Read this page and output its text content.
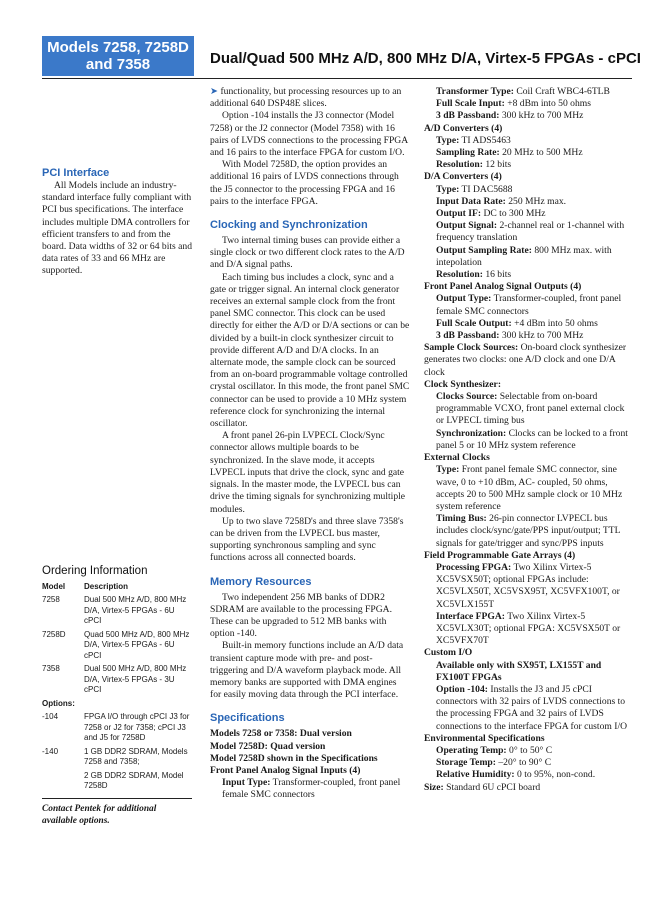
Models 7258, 7258D and 7358	Dual/Quad 500 MHz A/D, 800 MHz D/A, Virtex-5 FPGAs - cPCI
PCI Interface

All Models include an industry-standard interface fully compliant with PCI bus specifications. The interface includes multiple DMA controllers for efficient transfers to and from the board. Data widths of 32 or 64 bits and data rates of 33 and 66 MHz are supported.

Ordering Information
Model	Description
7258	Dual 500 MHz A/D, 800 MHz D/A, Virtex-5 FPGAs - 6U cPCI
7258D	Quad 500 MHz A/D, 800 MHz D/A, Virtex-5 FPGAs - 6U cPCI
7358	Dual 500 MHz A/D, 800 MHz D/A, Virtex-5 FPGAs - 3U cPCI
Options:
-104	FPGA I/O through cPCI J3 for 7258 or J2 for 7358; cPCI J3 and J5 for 7258D
-140	1 GB DDR2 SDRAM, Models 7258 and 7358;
2 GB DDR2 SDRAM, Model 7258D

Contact Pentek for additional available options.

➤ functionality, but processing resources up to an additional 640 DSP48E slices.

Option -104 installs the J3 connector (Model 7258) or the J2 connector (Model 7358) with 16 pairs of LVDS connections to the processing FPGA and 16 pairs to the interface FPGA for custom I/O.

With Model 7258D, the option provides an additional 16 pairs of LVDS connections through the J5 connector to the processing FPGA and 16 pairs to the interface FPGA.

Clocking and Synchronization

Two internal timing buses can provide either a single clock or two different clock rates to the A/D and D/A signal paths.

Each timing bus includes a clock, sync and a gate or trigger signal. An internal clock generator receives an external sample clock from the front panel SMC connector. This clock can be used directly for either the A/D or D/A sections or can be divided by a built-in clock synthesizer circuit to provide different A/D and D/A clocks. In an alternate mode, the sample clock can be sourced from an on-board programmable voltage controlled crystal oscillator. In this mode, the front panel SMC connector can be used to provide a 10 MHz system reference clock for synchronizing the internal oscillator.

A front panel 26-pin LVPECL Clock/Sync connector allows multiple boards to be synchronized. In the slave mode, it accepts LVPECL inputs that drive the clock, sync and gate signals. In the master mode, the LVPECL bus can drive the timing signals for synchronizing multiple modules.

Up to two slave 7258D's and three slave 7358's can be driven from the LVPECL bus master, supporting synchronous sampling and sync functions across all connected boards.

Memory Resources

Two independent 256 MB banks of DDR2 SDRAM are available to the processing FPGA. These can be upgraded to 512 MB banks with option -140.

Built-in memory functions include an A/D data transient capture mode with pre- and post-triggering and D/A waveform playback mode. All memory banks are supported with DMA engines for easily moving data through the PCI interface.

Specifications

Models 7258 or 7358: Dual version

Model 7258D: Quad version

Model 7258D shown in the Specifications

Front Panel Analog Signal Inputs (4)

Input Type: Transformer-coupled, front panel female SMC connectors

Transformer Type: Coil Craft WBC4-6TLB

Full Scale Input: +8 dBm into 50 ohms

3 dB Passband: 300 kHz to 700 MHz

A/D Converters (4)

Type: TI ADS5463

Sampling Rate: 20 MHz to 500 MHz

Resolution: 12 bits

D/A Converters (4)

Type: TI DAC5688

Input Data Rate: 250 MHz max.

Output IF: DC to 300 MHz

Output Signal: 2-channel real or 1-channel with frequency translation

Output Sampling Rate: 800 MHz max. with intepolation

Resolution: 16 bits

Front Panel Analog Signal Outputs (4)

Output Type: Transformer-coupled, front panel female SMC connectors

Full Scale Output: +4 dBm into 50 ohms

3 dB Passband: 300 kHz to 700 MHz

Sample Clock Sources: On-board clock synthesizer generates two clocks: one A/D clock and one D/A clock

Clock Synthesizer:

Clocks Source: Selectable from on-board programmable VCXO, front panel external clock or LVPECL timing bus

Synchronization: Clocks can be locked to a front panel 5 or 10 MHz system reference

External Clocks

Type: Front panel female SMC connector, sine wave, 0 to +10 dBm, AC- coupled, 50 ohms, accepts 20 to 500 MHz sample clock or 10 MHz system reference

Timing Bus: 26-pin connector LVPECL bus includes clock/sync/gate/PPS input/output; TTL signals for gate/trigger and sync/PPS inputs

Field Programmable Gate Arrays (4)

Processing FPGA: Two Xilinx Virtex-5 XC5VSX50T; optional FPGAs include: XC5VLX50T, XC5VSX95T, XC5VFX100T, or XC5VLX155T

Interface FPGA: Two Xilinx Virtex-5 XC5VLX30T; optional FPGA: XC5VSX50T or XC5VFX70T

Custom I/O

Available only with SX95T, LX155T and FX100T FPGAs

Option -104: Installs the J3 and J5 cPCI connectors with 32 pairs of LVDS connections to the processing FPGA and 32 pairs of LVDS connections to the interface FPGA for custom I/O

Environmental Specifications

Operating Temp: 0° to 50° C

Storage Temp: –20° to 90° C

Relative Humidity: 0 to 95%, non-cond.

Size: Standard 6U cPCI board
